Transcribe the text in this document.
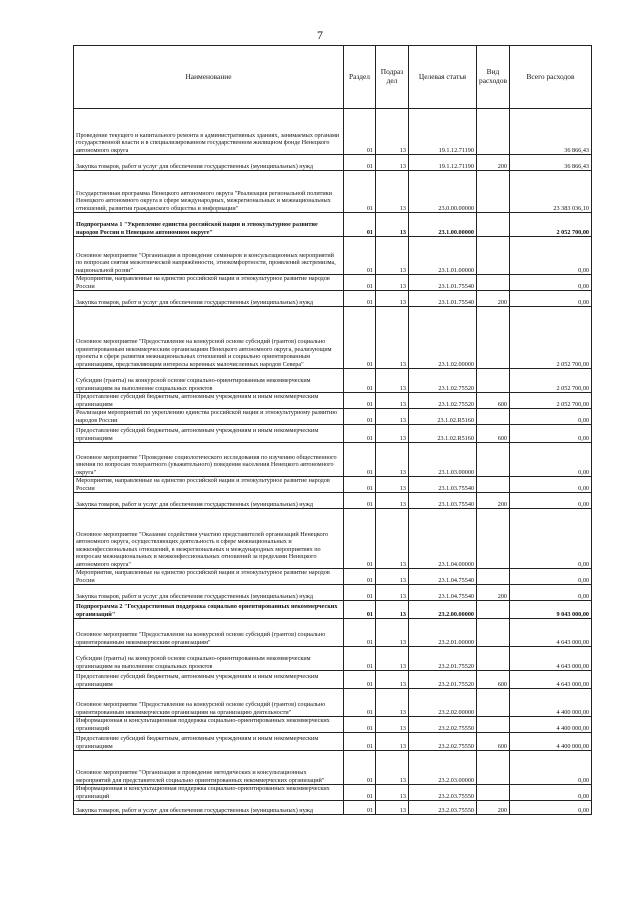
7
Наименование	Раздел	Подраз дел	Целевая статья	Вид расходов	Всего расходов
Проведение текущего и капитального ремонта в административных зданиях, занимаемых органами государственной власти и в специализированном государственном жилищном фонде Ненецкого автономного округа	01	13	19.1.12.71190		36 866,43
Закупка товаров, работ и услуг для обеспечения государственных (муниципальных) нужд	01	13	19.1.12.71190	200	36 866,43
Государственная программа Ненецкого автономного округа "Реализация региональной политики Ненецкого автономного округа в сфере международных, межрегиональных и межнациональных отношений, развития гражданского общества и информации"	01	13	23.0.00.00000		23 383 036,10
Подпрограмма 1 "Укрепление единства российской нации и этнокультурное развитие народов России в Ненецком автономном округе"	01	13	23.1.00.00000		2 052 700,00
Основное мероприятие "Организация и проведение семинаров и консультационных мероприятий по вопросам снятия межэтнической напряжённости, этнокомфортности, проявлений экстремизма, национальной розни"	01	13	23.1.01.00000		0,00
Мероприятия, направленные на единство российской нации и этнокультурное развитие народов России	01	13	23.1.01.75540		0,00
Закупка товаров, работ и услуг для обеспечения государственных (муниципальных) нужд	01	13	23.1.01.75540	200	0,00
Основное мероприятие "Предоставление на конкурсной основе субсидий (грантов) социально ориентированным некоммерческим организациям Ненецкого автономного округа, реализующим проекты в сфере развития межнациональных отношений и социально ориентированным организациям, представляющим интересы коренных малочисленных народов Севера"	01	13	23.1.02.00000		2 052 700,00
Субсидии (гранты) на конкурсной основе социально-ориентированным некоммерческим организациям на выполнение социальных проектов	01	13	23.1.02.75520		2 052 700,00
Предоставление субсидий бюджетным, автономным учреждениям и иным некоммерческим организациям	01	13	23.1.02.75520	600	2 052 700,00
Реализация мероприятий по укреплению единства российской нации и этнокультурному развитию народов России	01	13	23.1.02.R5160		0,00
Предоставление субсидий бюджетным, автономным учреждениям и иным некоммерческим организациям	01	13	23.1.02.R5160	600	0,00
Основное мероприятие "Проведение социологического исследования по изучению общественного мнения по вопросам толерантного (уважительного) поведения населения Ненецкого автономного округа"	01	13	23.1.03.00000		0,00
Мероприятия, направленные на единство российской нации и этнокультурное развитие народов России	01	13	23.1.03.75540		0,00
Закупка товаров, работ и услуг для обеспечения государственных (муниципальных) нужд	01	13	23.1.03.75540	200	0,00
Основное мероприятие "Оказание содействия участию представителей организаций Ненецкого автономного округа, осуществляющих деятельность в сфере межнациональных и межконфессиональных отношений, в межрегиональных и международных мероприятиях по вопросам межнациональных и межконфессиональных отношений за пределами Ненецкого автономного округа"	01	13	23.1.04.00000		0,00
Мероприятия, направленные на единство российской нации и этнокультурное развитие народов России	01	13	23.1.04.75540		0,00
Закупка товаров, работ и услуг для обеспечения государственных (муниципальных) нужд	01	13	23.1.04.75540	200	0,00
Подпрограмма 2 "Государственная поддержка социально ориентированных некоммерческих организаций"	01	13	23.2.00.00000		9 043 000,00
Основное мероприятие "Предоставление на конкурсной основе субсидий (грантов) социально ориентированным некоммерческим организациям"	01	13	23.2.01.00000		4 643 000,00
Субсидии (гранты) на конкурсной основе социально-ориентированным некоммерческим организациям на выполнение социальных проектов	01	13	23.2.01.75520		4 643 000,00
Предоставление субсидий бюджетным, автономным учреждениям и иным некоммерческим организациям	01	13	23.2.01.75520	600	4 643 000,00
Основное мероприятие "Предоставление на конкурсной основе субсидий (грантов) социально ориентированным некоммерческим организациям на организацию деятельности"	01	13	23.2.02.00000		4 400 000,00
Информационная и консультационная поддержка социально-ориентированных некоммерческих организаций	01	13	23.2.02.75550		4 400 000,00
Предоставление субсидий бюджетным, автономным учреждениям и иным некоммерческим организациям	01	13	23.2.02.75550	600	4 400 000,00
Основное мероприятие "Организация и проведение методических и консультационных мероприятий для представителей социально ориентированных некоммерческих организаций"	01	13	23.2.03.00000		0,00
Информационная и консультационная поддержка социально-ориентированных некоммерческих организаций	01	13	23.2.03.75550		0,00
Закупка товаров, работ и услуг для обеспечения государственных (муниципальных) нужд	01	13	23.2.03.75550	200	0,00
